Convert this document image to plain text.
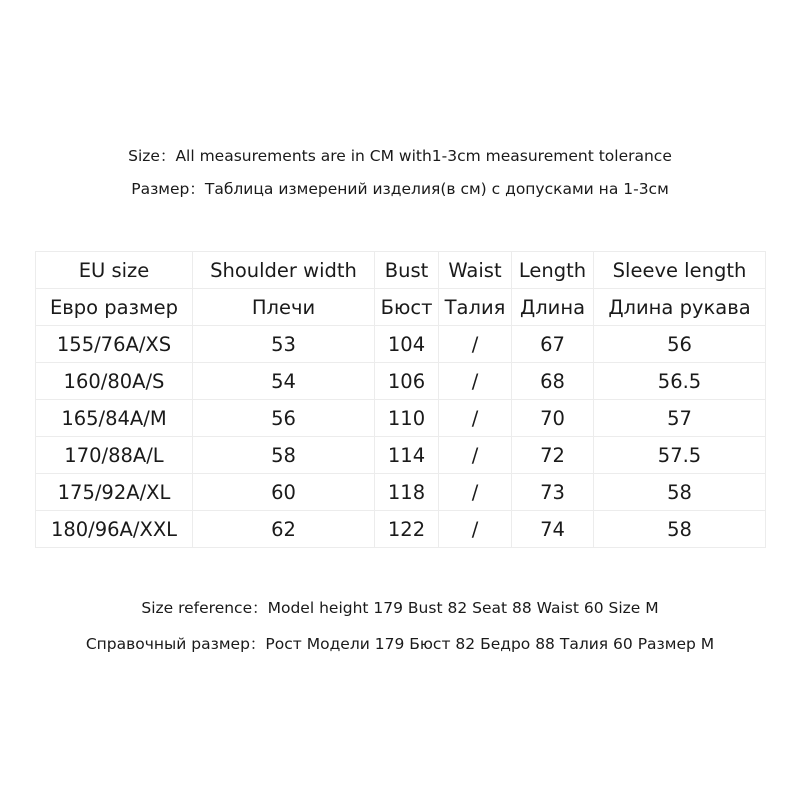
Size：All measurements are in CM with1-3cm measurement tolerance
Размер：Таблица измерений изделия(в см) с допусками на 1-3см
EU size	Shoulder width	Bust	Waist	Length	Sleeve length
Евро размер	Плечи	Бюст	Талия	Длина	Длина рукава
155/76A/XS	53	104	/	67	56
160/80A/S	54	106	/	68	56.5
165/84A/M	56	110	/	70	57
170/88A/L	58	114	/	72	57.5
175/92A/XL	60	118	/	73	58
180/96A/XXL	62	122	/	74	58
Size reference：Model height 179 Bust 82 Seat 88 Waist 60 Size M
Справочный размер：Рост Модели 179 Бюст 82 Бедро 88 Талия 60 Размер M
